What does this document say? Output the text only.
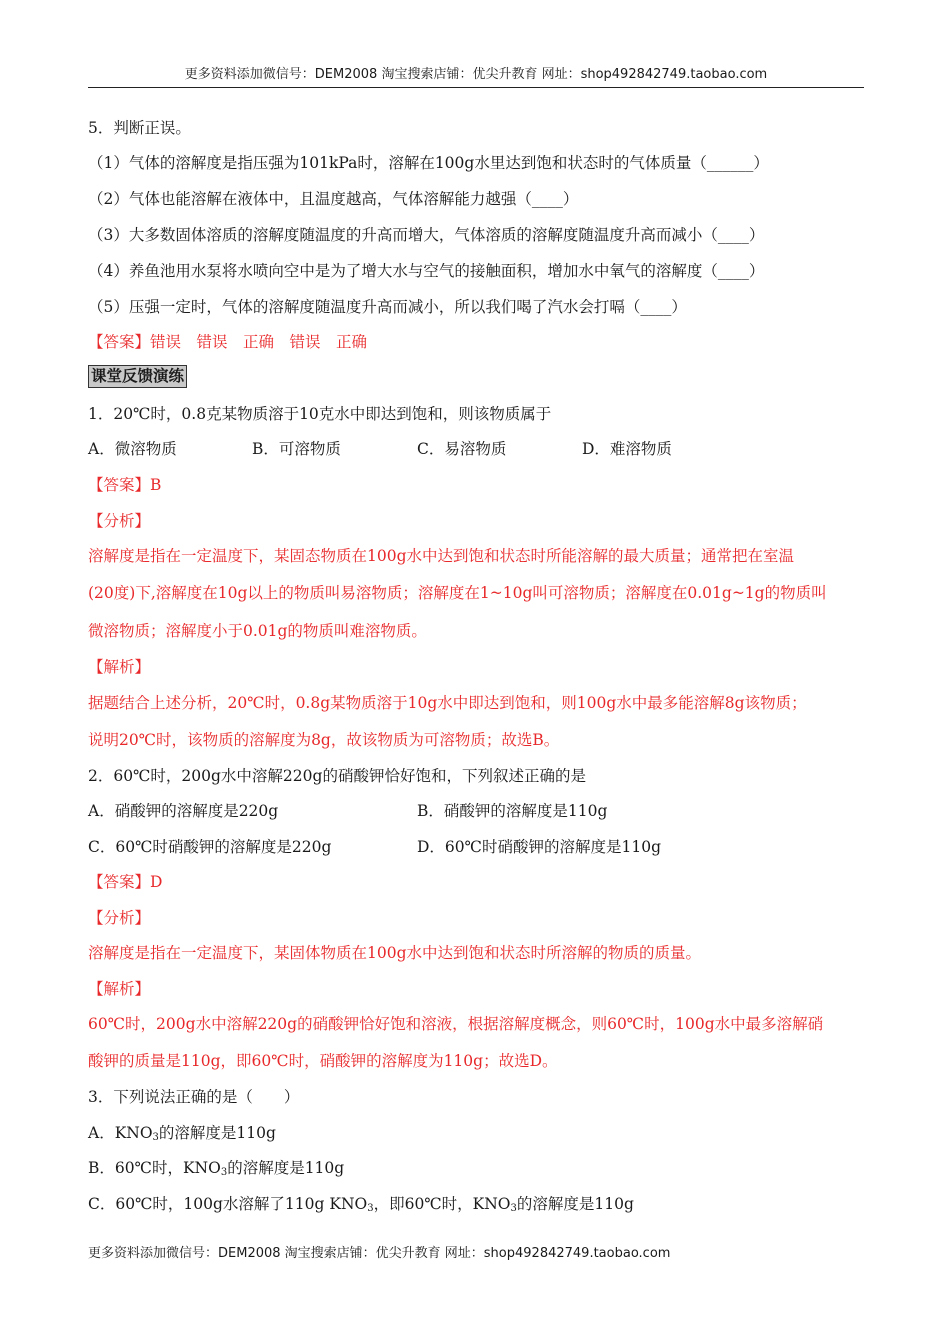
更多资料添加微信号：DEM2008 淘宝搜索店铺：优尖升教育 网址：shop492842749.taobao.com
5．判断正误。
（1）气体的溶解度是指压强为101kPa时，溶解在100g水里达到饱和状态时的气体质量（______）
（2）气体也能溶解在液体中，且温度越高，气体溶解能力越强（____）
（3）大多数固体溶质的溶解度随温度的升高而增大，气体溶质的溶解度随温度升高而减小（____）
（4）养鱼池用水泵将水喷向空中是为了增大水与空气的接触面积，增加水中氧气的溶解度（____）
（5）压强一定时，气体的溶解度随温度升高而减小，所以我们喝了汽水会打嗝（____）
【答案】错误　错误　正确　错误　正确
课堂反馈演练
1．20℃时，0.8克某物质溶于10克水中即达到饱和，则该物质属于
A．微溶物质	B．可溶物质	C．易溶物质	D．难溶物质
【答案】B
【分析】
溶解度是指在一定温度下，某固态物质在100g水中达到饱和状态时所能溶解的最大质量；通常把在室温
(20度)下,溶解度在10g以上的物质叫易溶物质；溶解度在1~10g叫可溶物质；溶解度在0.01g~1g的物质叫
微溶物质；溶解度小于0.01g的物质叫难溶物质。
【解析】
据题结合上述分析，20℃时，0.8g某物质溶于10g水中即达到饱和，则100g水中最多能溶解8g该物质；
说明20℃时，该物质的溶解度为8g，故该物质为可溶物质；故选B。
2．60℃时，200g水中溶解220g的硝酸钾恰好饱和，下列叙述正确的是
A．硝酸钾的溶解度是220g	B．硝酸钾的溶解度是110g
C．60℃时硝酸钾的溶解度是220g	D．60℃时硝酸钾的溶解度是110g
【答案】D
【分析】
溶解度是指在一定温度下，某固体物质在100g水中达到饱和状态时所溶解的物质的质量。
【解析】
60℃时，200g水中溶解220g的硝酸钾恰好饱和溶液，根据溶解度概念，则60℃时，100g水中最多溶解硝
酸钾的质量是110g，即60℃时，硝酸钾的溶解度为110g；故选D。
3．下列说法正确的是（　　）
A．$KNO_3$的溶解度是110g
B．60℃时，$KNO_3$的溶解度是110g
C．60℃时，100g水溶解了110g $KNO_3$，即60℃时，$KNO_3$的溶解度是110g
更多资料添加微信号：DEM2008 淘宝搜索店铺：优尖升教育 网址：shop492842749.taobao.com
